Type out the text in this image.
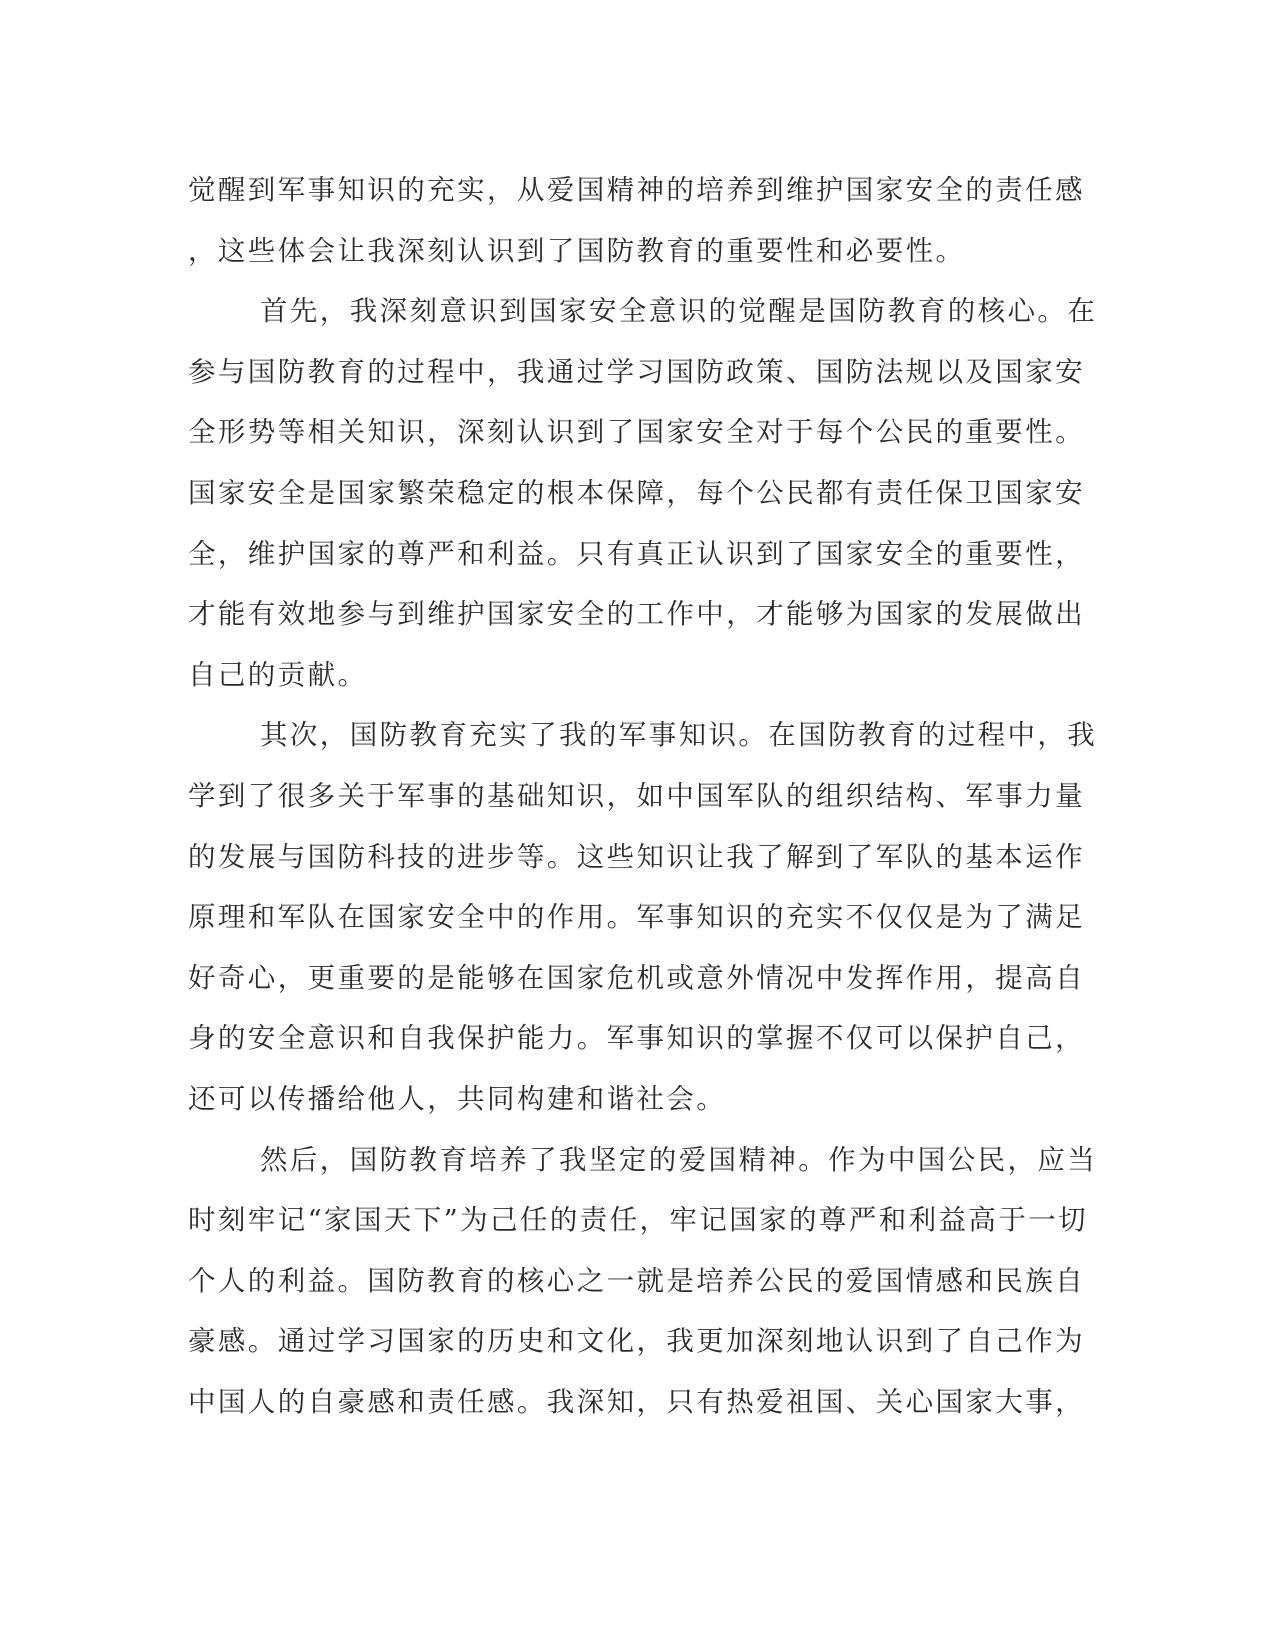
觉醒到军事知识的充实，从爱国精神的培养到维护国家安全的责任感
，这些体会让我深刻认识到了国防教育的重要性和必要性。
首先，我深刻意识到国家安全意识的觉醒是国防教育的核心。在
参与国防教育的过程中，我通过学习国防政策、国防法规以及国家安
全形势等相关知识，深刻认识到了国家安全对于每个公民的重要性。
国家安全是国家繁荣稳定的根本保障，每个公民都有责任保卫国家安
全，维护国家的尊严和利益。只有真正认识到了国家安全的重要性，
才能有效地参与到维护国家安全的工作中，才能够为国家的发展做出
自己的贡献。
其次，国防教育充实了我的军事知识。在国防教育的过程中，我
学到了很多关于军事的基础知识，如中国军队的组织结构、军事力量
的发展与国防科技的进步等。这些知识让我了解到了军队的基本运作
原理和军队在国家安全中的作用。军事知识的充实不仅仅是为了满足
好奇心，更重要的是能够在国家危机或意外情况中发挥作用，提高自
身的安全意识和自我保护能力。军事知识的掌握不仅可以保护自己，
还可以传播给他人，共同构建和谐社会。
然后，国防教育培养了我坚定的爱国精神。作为中国公民，应当
时刻牢记“家国天下”为己任的责任，牢记国家的尊严和利益高于一切
个人的利益。国防教育的核心之一就是培养公民的爱国情感和民族自
豪感。通过学习国家的历史和文化，我更加深刻地认识到了自己作为
中国人的自豪感和责任感。我深知，只有热爱祖国、关心国家大事，
